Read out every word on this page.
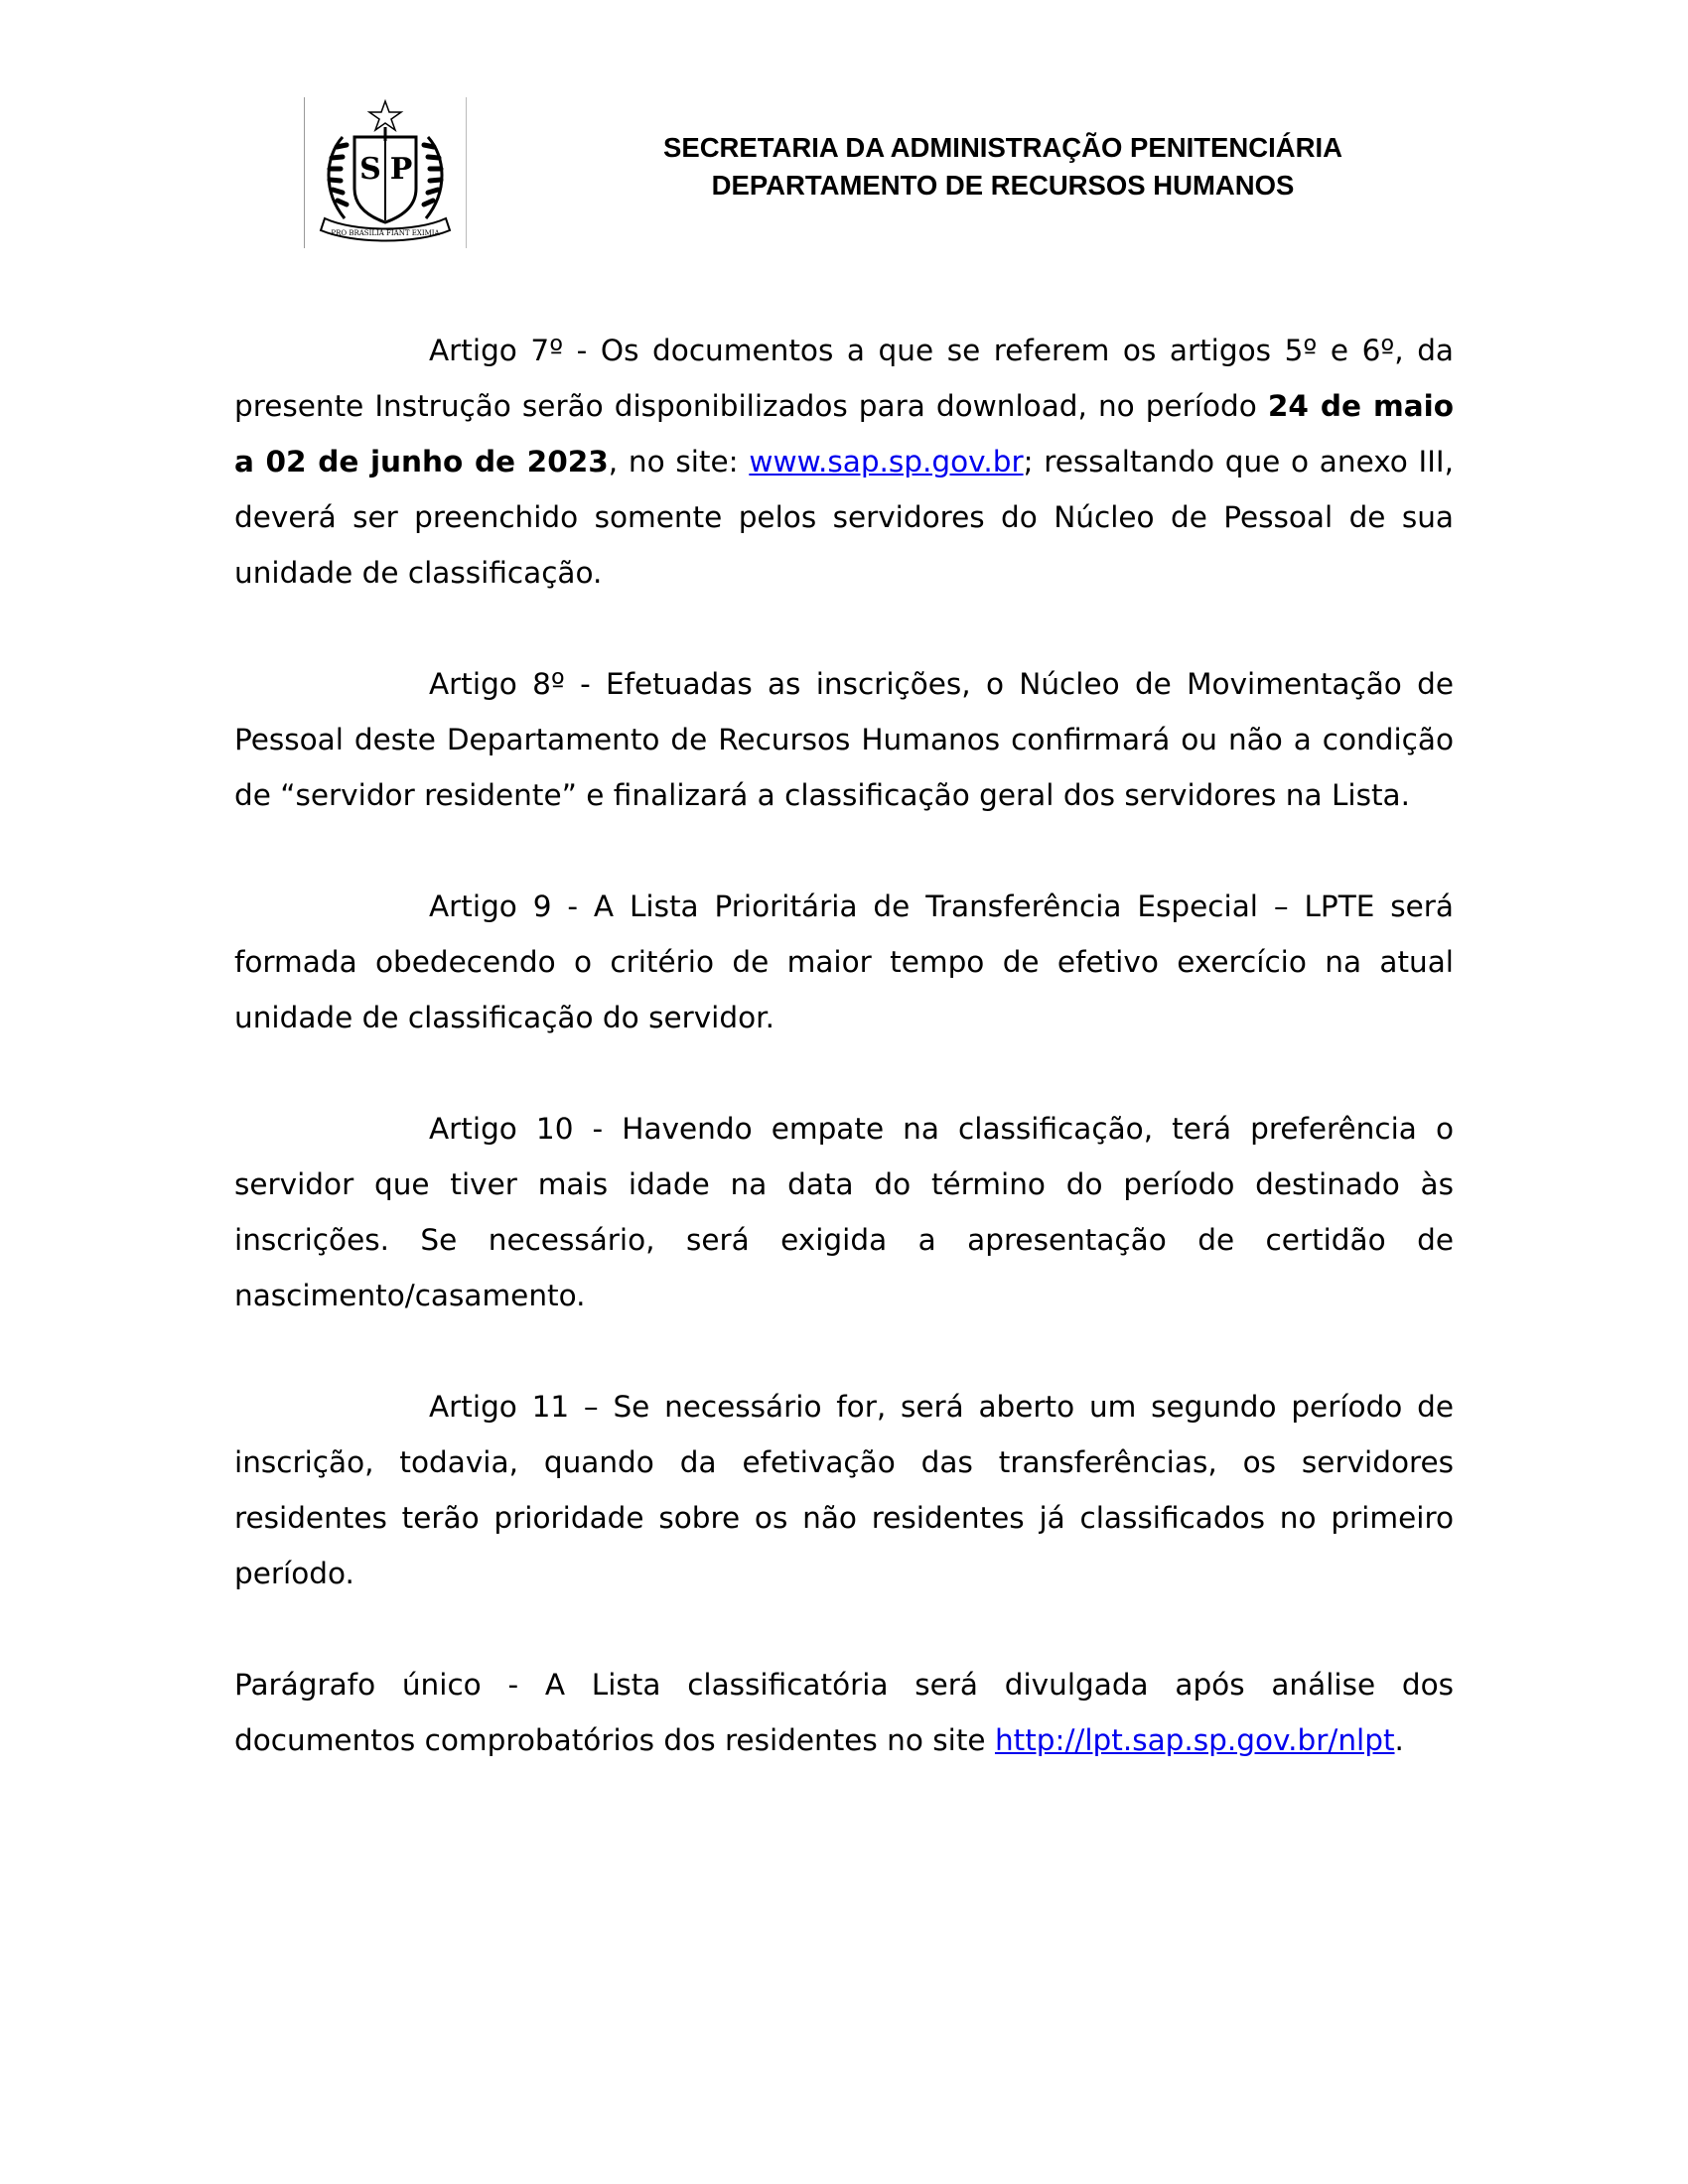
S P
PRO BRASILIA FIANT EXIMIA
SECRETARIA DA ADMINISTRAÇÃO PENITENCIÁRIA
DEPARTAMENTO DE RECURSOS HUMANOS

Artigo 7º - Os documentos a que se referem os artigos 5º e 6º, da presente Instrução serão disponibilizados para download, no período 24 de maio a 02 de junho de 2023, no site: www.sap.sp.gov.br; ressaltando que o anexo III, deverá ser preenchido somente pelos servidores do Núcleo de Pessoal de sua unidade de classificação.

Artigo 8º - Efetuadas as inscrições, o Núcleo de Movimentação de Pessoal deste Departamento de Recursos Humanos confirmará ou não a condição de “servidor residente” e finalizará a classificação geral dos servidores na Lista.

Artigo 9 - A Lista Prioritária de Transferência Especial – LPTE será formada obedecendo o critério de maior tempo de efetivo exercício na atual unidade de classificação do servidor.

Artigo 10 - Havendo empate na classificação, terá preferência o servidor que tiver mais idade na data do término do período destinado às inscrições. Se necessário, será exigida a apresentação de certidão de nascimento/casamento.

Artigo 11 – Se necessário for, será aberto um segundo período de inscrição, todavia, quando da efetivação das transferências, os servidores residentes terão prioridade sobre os não residentes já classificados no primeiro período.

Parágrafo único - A Lista classificatória será divulgada após análise dos documentos comprobatórios dos residentes no site http://lpt.sap.sp.gov.br/nlpt.
